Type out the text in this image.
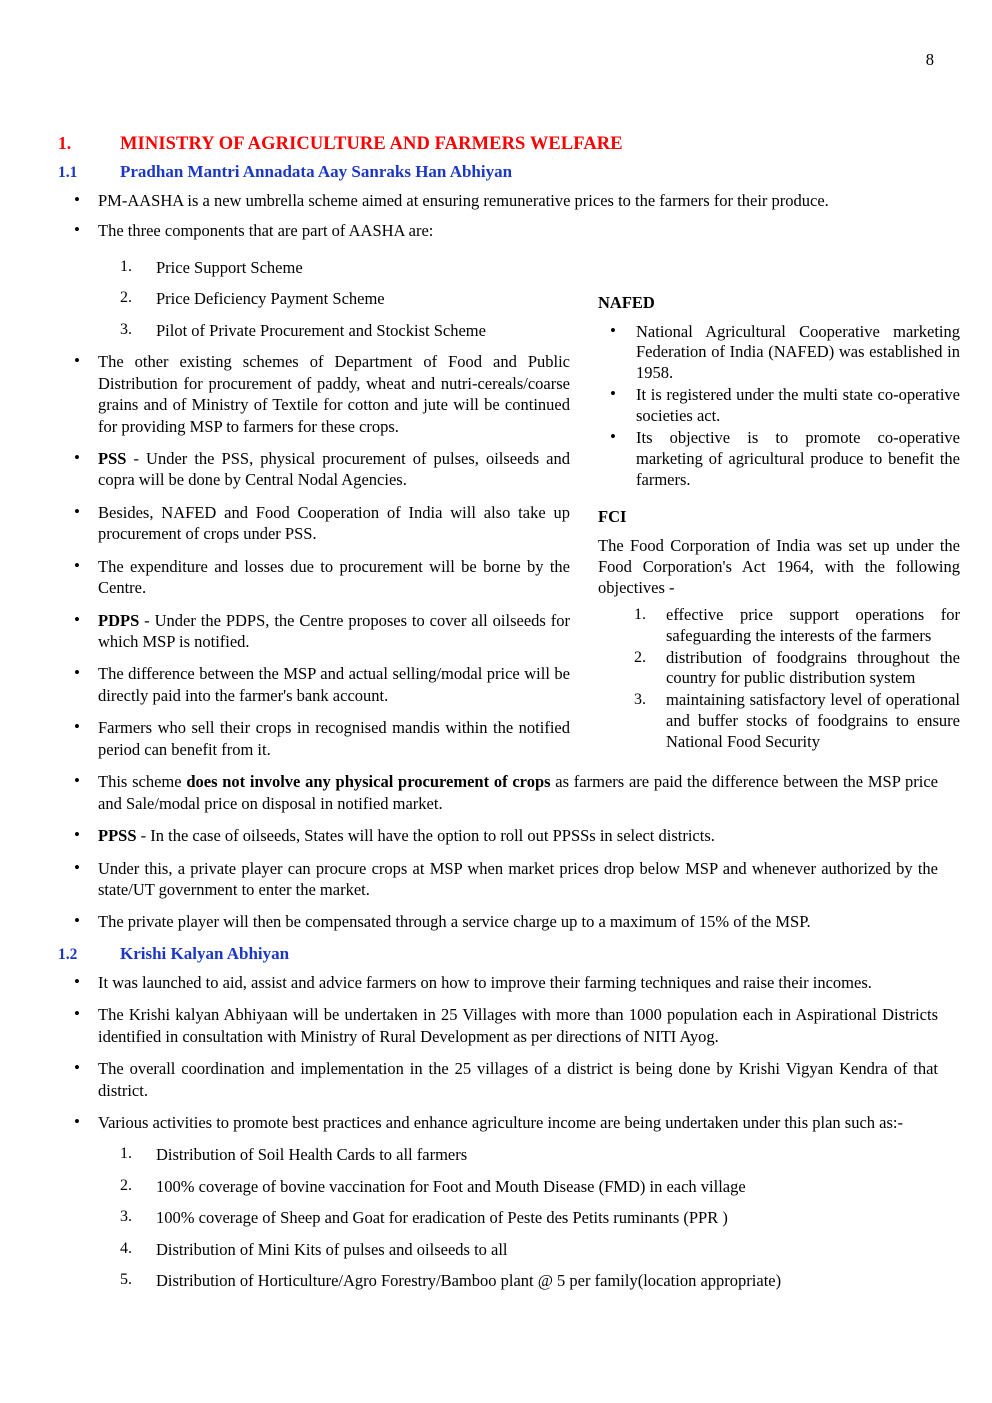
8
1.	MINISTRY OF AGRICULTURE AND FARMERS WELFARE
1.1	Pradhan Mantri Annadata Aay Sanraks Han Abhiyan
• PM-AASHA is a new umbrella scheme aimed at ensuring remunerative prices to the farmers for their produce.
• The three components that are part of AASHA are:
Price Support Scheme
Price Deficiency Payment Scheme
Pilot of Private Procurement and Stockist Scheme
• The other existing schemes of Department of Food and Public Distribution for procurement of paddy, wheat and nutri-cereals/coarse grains and of Ministry of Textile for cotton and jute will be continued for providing MSP to farmers for these crops.
• PSS - Under the PSS, physical procurement of pulses, oilseeds and copra will be done by Central Nodal Agencies.
• Besides, NAFED and Food Cooperation of India will also take up procurement of crops under PSS.
• The expenditure and losses due to procurement will be borne by the Centre.
• PDPS - Under the PDPS, the Centre proposes to cover all oilseeds for which MSP is notified.
• The difference between the MSP and actual selling/modal price will be directly paid into the farmer's bank account.
• Farmers who sell their crops in recognised mandis within the notified period can benefit from it.
NAFED
• National Agricultural Cooperative marketing Federation of India (NAFED) was established in 1958.
• It is registered under the multi state co-operative societies act.
• Its objective is to promote co-operative marketing of agricultural produce to benefit the farmers.
FCI

The Food Corporation of India was set up under the Food Corporation's Act 1964, with the following objectives -

effective price support operations for safeguarding the interests of the farmers
distribution of foodgrains throughout the country for public distribution system
maintaining satisfactory level of operational and buffer stocks of foodgrains to ensure National Food Security
• This scheme does not involve any physical procurement of crops as farmers are paid the difference between the MSP price and Sale/modal price on disposal in notified market.
• PPSS - In the case of oilseeds, States will have the option to roll out PPSSs in select districts.
• Under this, a private player can procure crops at MSP when market prices drop below MSP and whenever authorized by the state/UT government to enter the market.
• The private player will then be compensated through a service charge up to a maximum of 15% of the MSP.
1.2	Krishi Kalyan Abhiyan
• It was launched to aid, assist and advice farmers on how to improve their farming techniques and raise their incomes.
• The Krishi kalyan Abhiyaan will be undertaken in 25 Villages with more than 1000 population each in Aspirational Districts identified in consultation with Ministry of Rural Development as per directions of NITI Ayog.
• The overall coordination and implementation in the 25 villages of a district is being done by Krishi Vigyan Kendra of that district.
• Various activities to promote best practices and enhance agriculture income are being undertaken under this plan such as:-
Distribution of Soil Health Cards to all farmers
100% coverage of bovine vaccination for Foot and Mouth Disease (FMD) in each village
100% coverage of Sheep and Goat for eradication of Peste des Petits ruminants (PPR )
Distribution of Mini Kits of pulses and oilseeds to all
Distribution of Horticulture/Agro Forestry/Bamboo plant @ 5 per family(location appropriate)
